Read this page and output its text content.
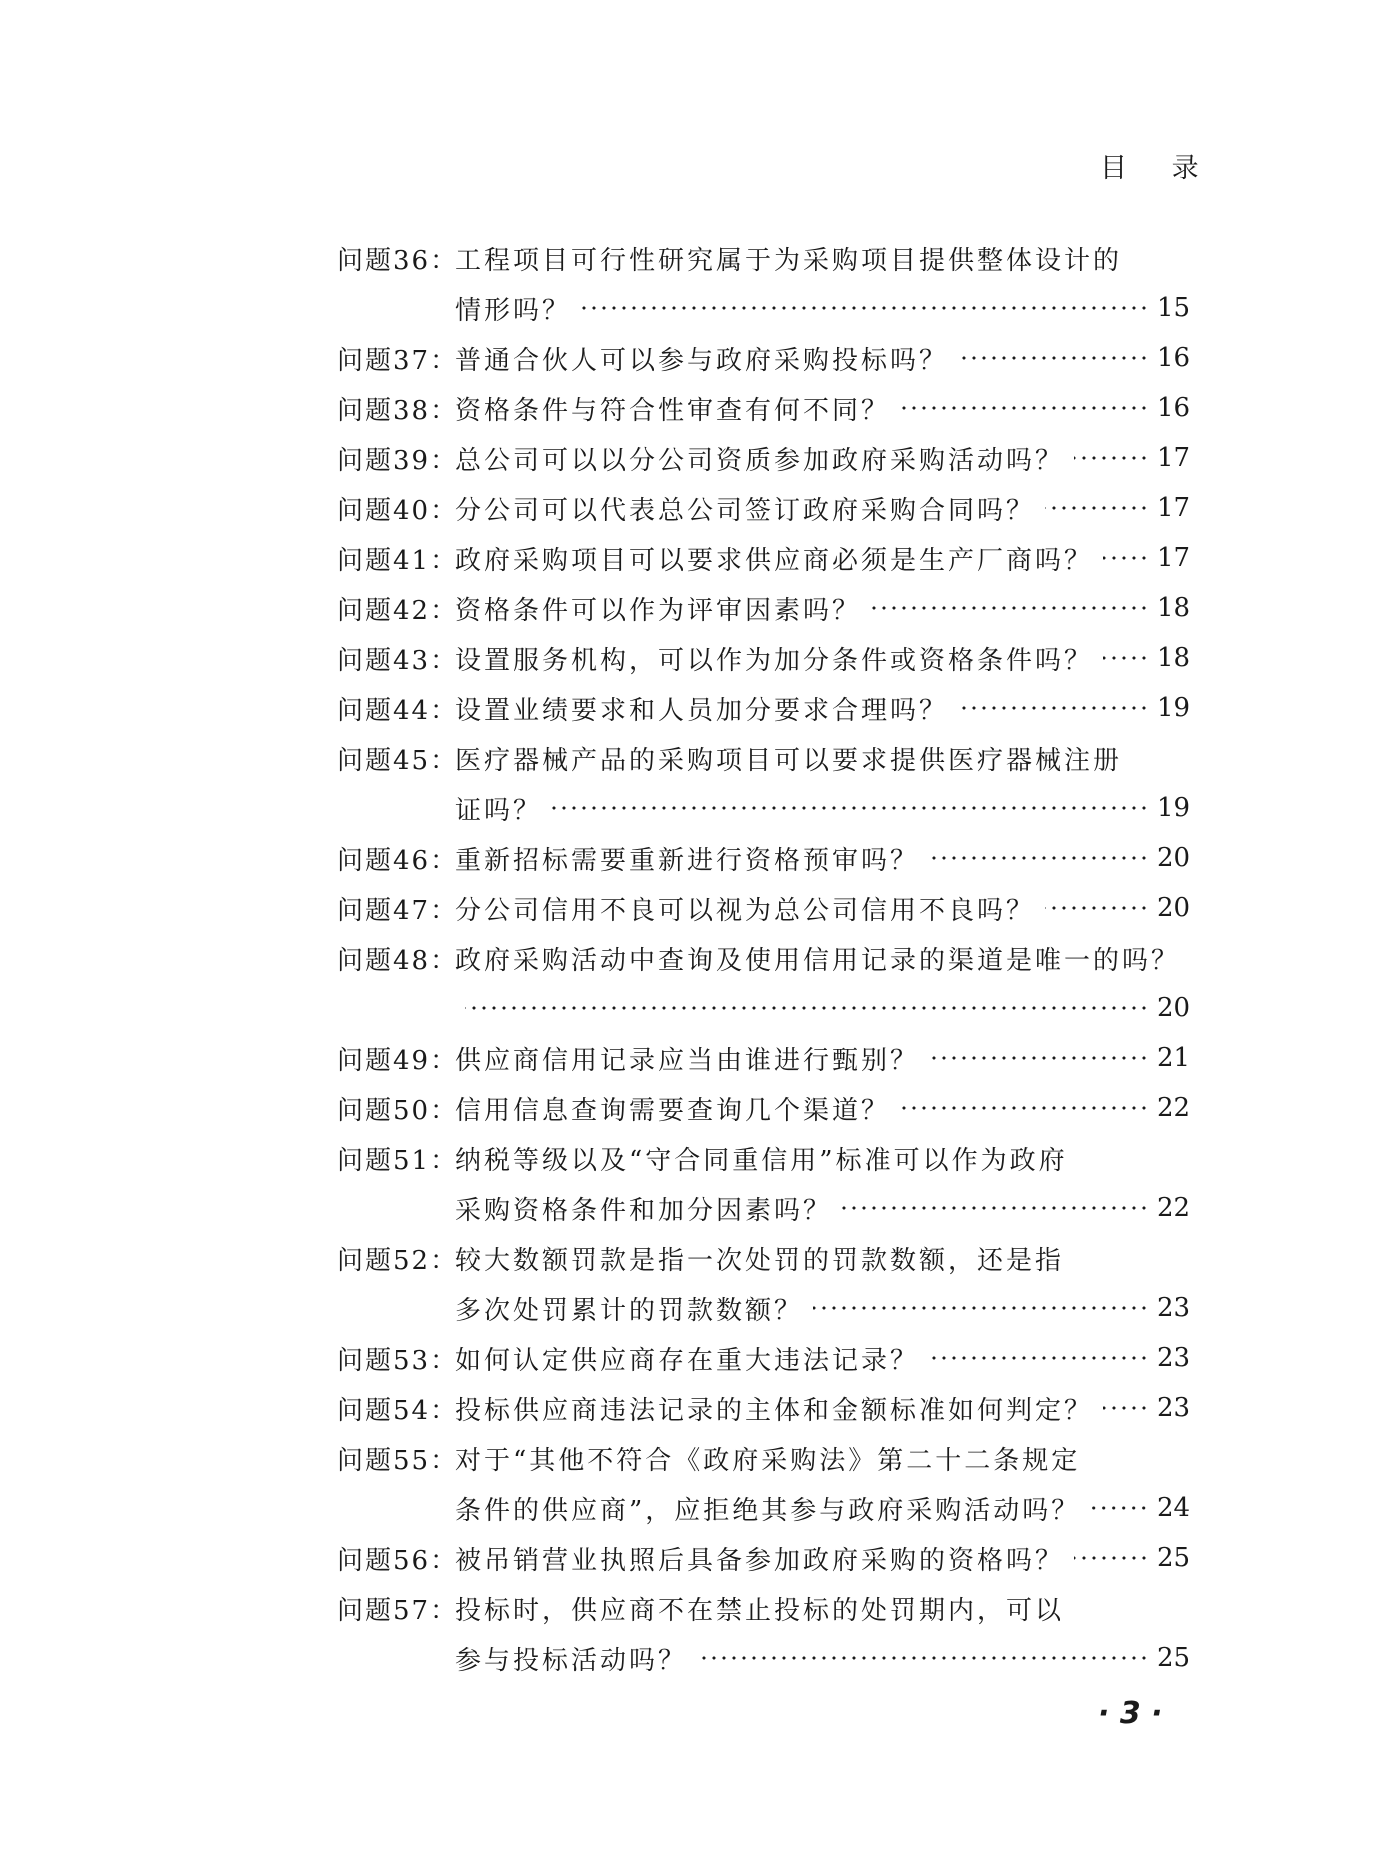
目 录
问题36：
工程项目可行性研究属于为采购项目提供整体设计的
情形吗？	15
问题37：
普通合伙人可以参与政府采购投标吗？	16
问题38：
资格条件与符合性审查有何不同？	16
问题39：
总公司可以以分公司资质参加政府采购活动吗？	17
问题40：
分公司可以代表总公司签订政府采购合同吗？	17
问题41：
政府采购项目可以要求供应商必须是生产厂商吗？ 17
问题42：
资格条件可以作为评审因素吗？	18
问题43：
设置服务机构，可以作为加分条件或资格条件吗？ 18
问题44：
设置业绩要求和人员加分要求合理吗？	19
问题45：
医疗器械产品的采购项目可以要求提供医疗器械注册
证吗？	19
问题46：
重新招标需要重新进行资格预审吗？	20
问题47：
分公司信用不良可以视为总公司信用不良吗？	20
问题48：
政府采购活动中查询及使用信用记录的渠道是唯一的吗？
20
问题49：
供应商信用记录应当由谁进行甄别？	21
问题50：
信用信息查询需要查询几个渠道？	22
问题51：
纳税等级以及“守合同重信用”标准可以作为政府
采购资格条件和加分因素吗？	22
问题52：
较大数额罚款是指一次处罚的罚款数额，还是指
多次处罚累计的罚款数额？	23
问题53：
如何认定供应商存在重大违法记录？	23
问题54：
投标供应商违法记录的主体和金额标准如何判定？ 23
问题55：
对于“其他不符合《政府采购法》第二十二条规定
条件的供应商”，应拒绝其参与政府采购活动吗？	24
问题56：
被吊销营业执照后具备参加政府采购的资格吗？	25
问题57：
投标时，供应商不在禁止投标的处罚期内，可以
参与投标活动吗？	25
· 3 ·
